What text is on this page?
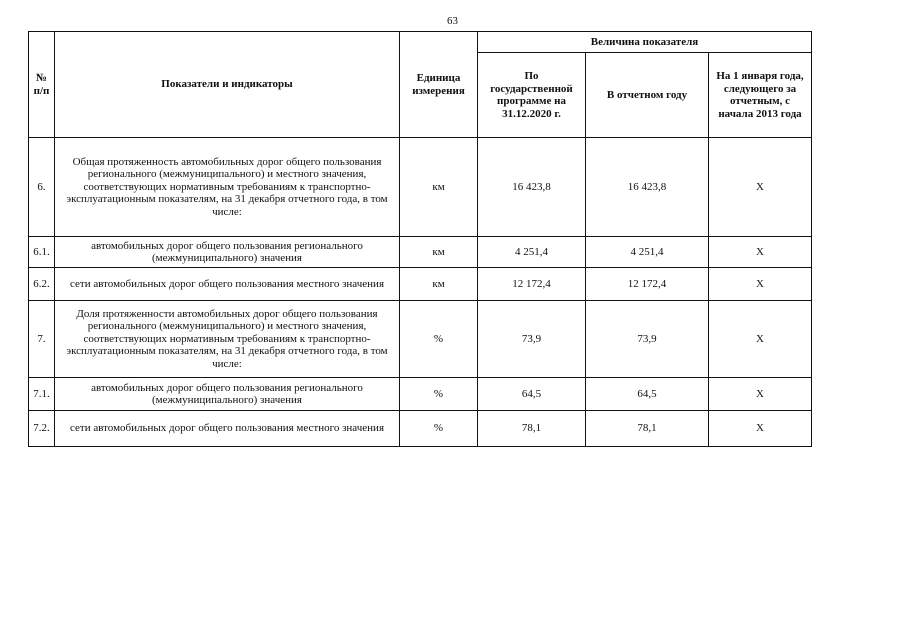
63
№ п/п	Показатели и индикаторы	Единица измерения	Величина показателя		
			По государственной программе на 31.12.2020 г.	В отчетном году	На 1 января года, следующего за отчетным, с начала 2013 года
6.	Общая протяженность автомобильных дорог общего пользования регионального (межмуниципального) и местного значения, соответствующих нормативным требованиям к транспортно-эксплуатационным показателям, на 31 декабря отчетного года, в том числе:	км	16 423,8	16 423,8	X
6.1.	автомобильных дорог общего пользования регионального (межмуниципального) значения	км	4 251,4	4 251,4	X
6.2.	сети автомобильных дорог общего пользования местного значения	км	12 172,4	12 172,4	X
7.	Доля протяженности автомобильных дорог общего пользования регионального (межмуниципального) и местного значения, соответствующих нормативным требованиям к транспортно-эксплуатационным показателям, на 31 декабря отчетного года, в том числе:	%	73,9	73,9	X
7.1.	автомобильных дорог общего пользования регионального (межмуниципального) значения	%	64,5	64,5	X
7.2.	сети автомобильных дорог общего пользования местного значения	%	78,1	78,1	X
